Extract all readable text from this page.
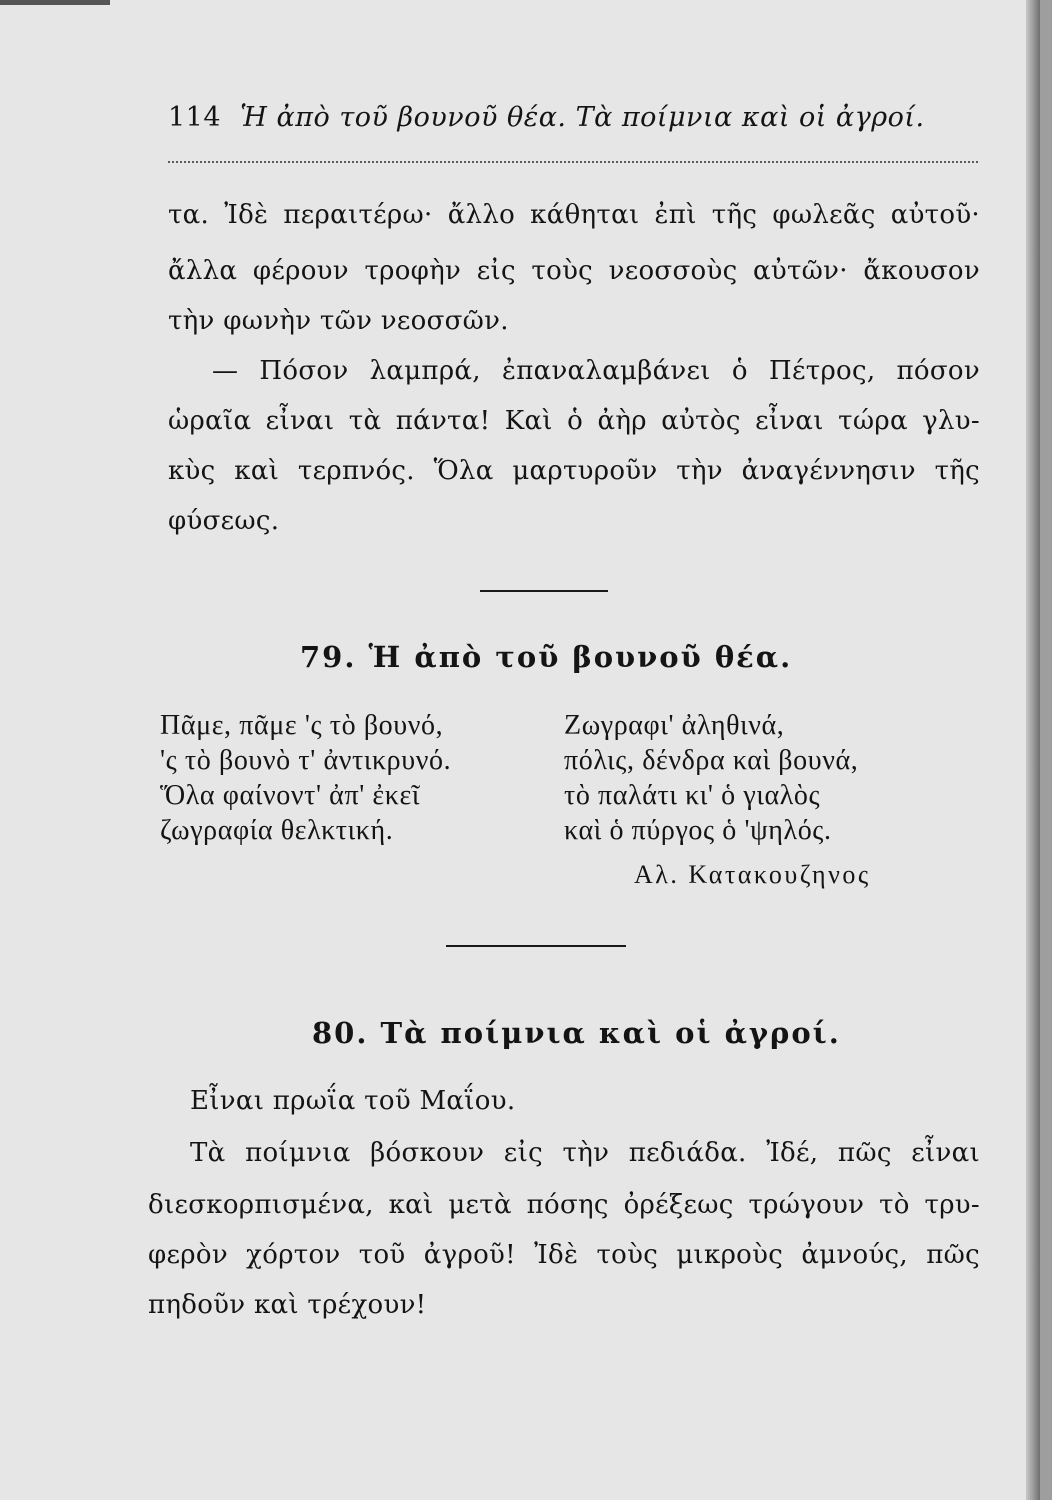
114 Ἡ ἀπὸ τοῦ βουνοῦ θέα. Τὰ ποίμνια καὶ οἱ ἀγροί.
τα. Ἰδὲ περαιτέρω· ἄλλο κάθηται ἐπὶ τῆς φωλεᾶς αὐτοῦ·
ἄλλα φέρουν τροφὴν εἰς τοὺς νεοσσοὺς αὐτῶν· ἄκουσον
τὴν φωνὴν τῶν νεοσσῶν.
— Πόσον λαμπρά, ἐπαναλαμβάνει ὁ Πέτρος, πόσον
ὡραῖα εἶναι τὰ πάντα! Καὶ ὁ ἀὴρ αὐτὸς εἶναι τώρα γλυ-
κὺς καὶ τερπνός. Ὅλα μαρτυροῦν τὴν ἀναγέννησιν τῆς
φύσεως.
79. Ἡ ἀπὸ τοῦ βουνοῦ θέα.
Πᾶμε, πᾶμε 'ς τὸ βουνό,
'ς τὸ βουνὸ τ' ἀντικρυνό.
Ὅλα φαίνοντ' ἀπ' ἐκεῖ
ζωγραφία θελκτική.
Ζωγραφι' ἀληθινά,
πόλις, δένδρα καὶ βουνά,
τὸ παλάτι κι' ὁ γιαλὸς
καὶ ὁ πύργος ὁ 'ψηλός.
Αλ. Κατακουζηνος
80. Τὰ ποίμνια καὶ οἱ ἀγροί.
Εἶναι πρωΐα τοῦ Μαΐου.
Τὰ ποίμνια βόσκουν εἰς τὴν πεδιάδα. Ἰδέ, πῶς εἶναι
διεσκορπισμένα, καὶ μετὰ πόσης ὀρέξεως τρώγουν τὸ τρυ-
φερὸν χόρτον τοῦ ἀγροῦ! Ἰδὲ τοὺς μικροὺς ἀμνούς, πῶς
πηδοῦν καὶ τρέχουν!
